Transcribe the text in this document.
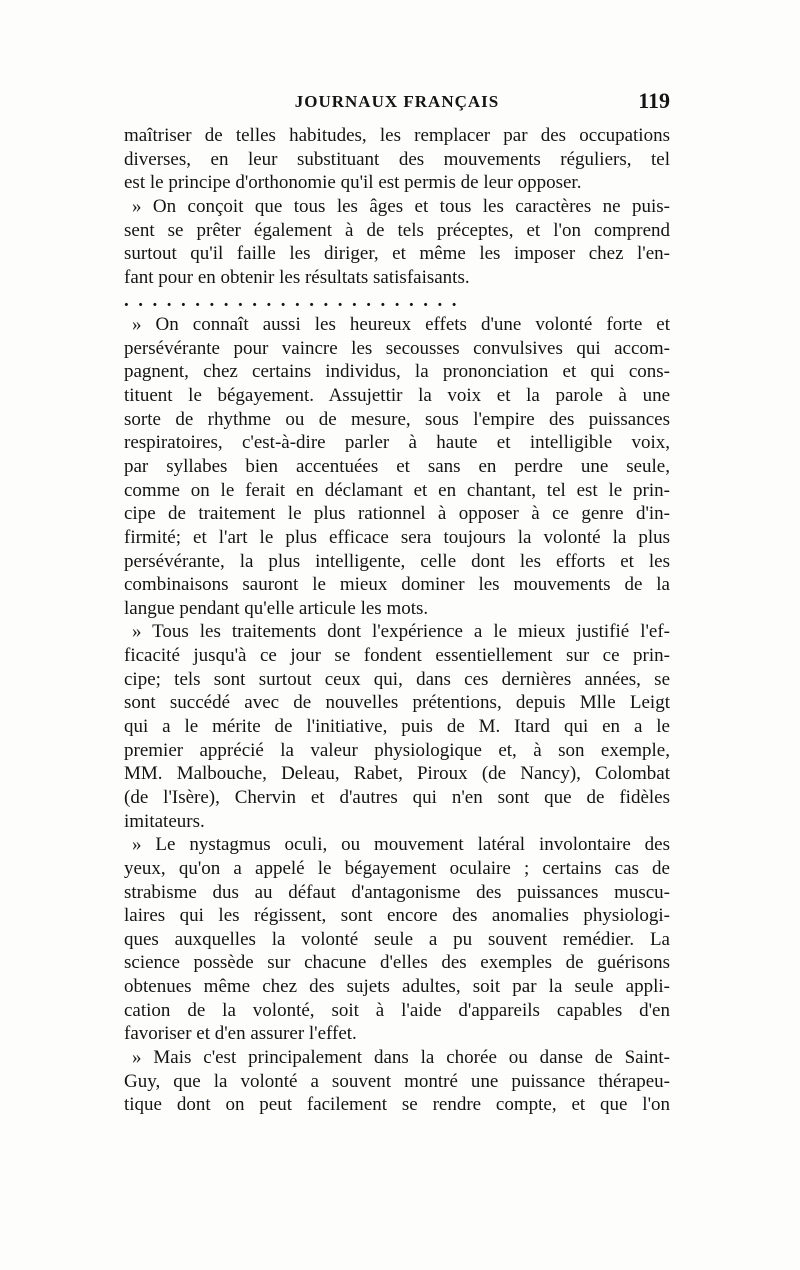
JOURNAUX FRANÇAIS	119
maîtriser de telles habitudes, les remplacer par des occupations
diverses, en leur substituant des mouvements réguliers, tel
est le principe d'orthonomie qu'il est permis de leur opposer.
» On conçoit que tous les âges et tous les caractères ne puis-
sent se prêter également à de tels préceptes, et l'on comprend
surtout qu'il faille les diriger, et même les imposer chez l'en-
fant pour en obtenir les résultats satisfaisants.
........................
» On connaît aussi les heureux effets d'une volonté forte et
persévérante pour vaincre les secousses convulsives qui accom-
pagnent, chez certains individus, la prononciation et qui cons-
tituent le bégayement. Assujettir la voix et la parole à une
sorte de rhythme ou de mesure, sous l'empire des puissances
respiratoires, c'est-à-dire parler à haute et intelligible voix,
par syllabes bien accentuées et sans en perdre une seule,
comme on le ferait en déclamant et en chantant, tel est le prin-
cipe de traitement le plus rationnel à opposer à ce genre d'in-
firmité; et l'art le plus efficace sera toujours la volonté la plus
persévérante, la plus intelligente, celle dont les efforts et les
combinaisons sauront le mieux dominer les mouvements de la
langue pendant qu'elle articule les mots.
» Tous les traitements dont l'expérience a le mieux justifié l'ef-
ficacité jusqu'à ce jour se fondent essentiellement sur ce prin-
cipe; tels sont surtout ceux qui, dans ces dernières années, se
sont succédé avec de nouvelles prétentions, depuis Mlle Leigt
qui a le mérite de l'initiative, puis de M. Itard qui en a le
premier apprécié la valeur physiologique et, à son exemple,
MM. Malbouche, Deleau, Rabet, Piroux (de Nancy), Colombat
(de l'Isère), Chervin et d'autres qui n'en sont que de fidèles
imitateurs.
» Le nystagmus oculi, ou mouvement latéral involontaire des
yeux, qu'on a appelé le bégayement oculaire ; certains cas de
strabisme dus au défaut d'antagonisme des puissances muscu-
laires qui les régissent, sont encore des anomalies physiologi-
ques auxquelles la volonté seule a pu souvent remédier. La
science possède sur chacune d'elles des exemples de guérisons
obtenues même chez des sujets adultes, soit par la seule appli-
cation de la volonté, soit à l'aide d'appareils capables d'en
favoriser et d'en assurer l'effet.
» Mais c'est principalement dans la chorée ou danse de Saint-
Guy, que la volonté a souvent montré une puissance thérapeu-
tique dont on peut facilement se rendre compte, et que l'on
